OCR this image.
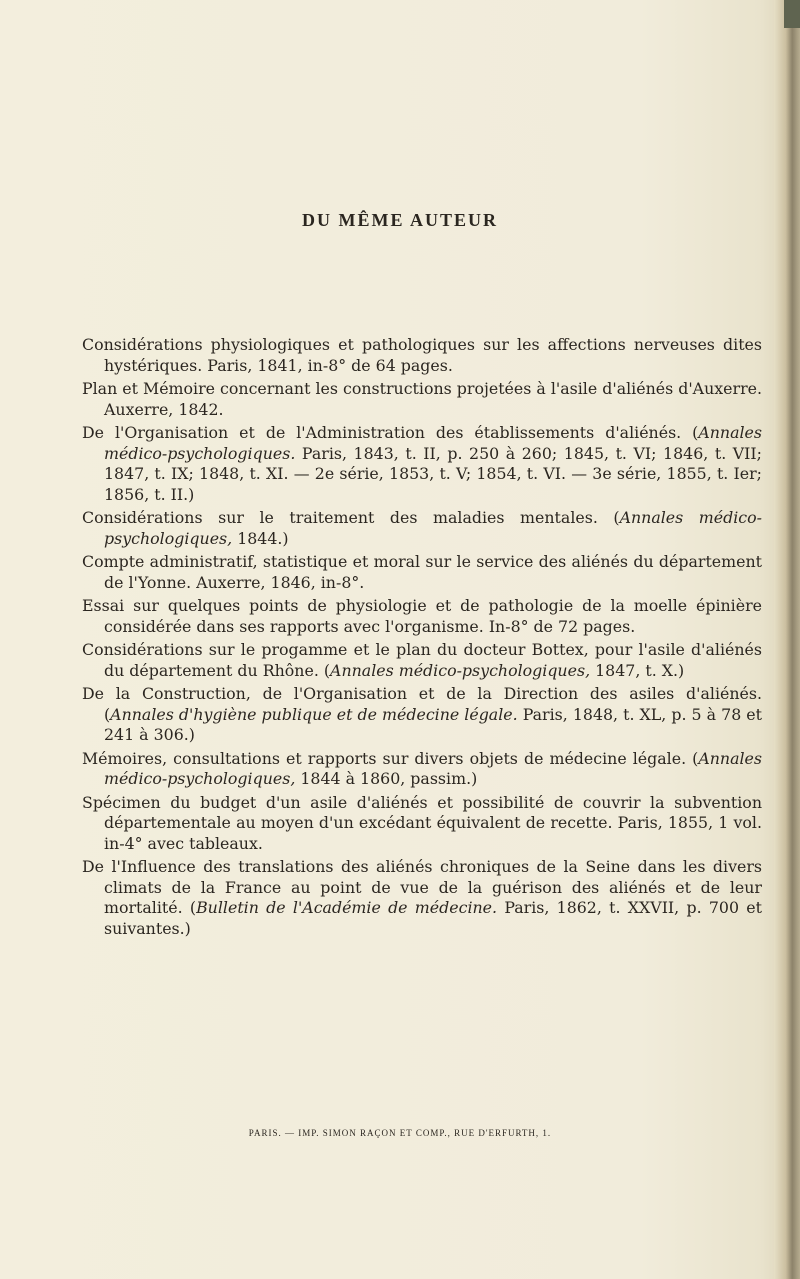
DU MÊME AUTEUR

Considérations physiologiques et pathologiques sur les affections nerveuses dites hystériques. Paris, 1841, in-8° de 64 pages.

Plan et Mémoire concernant les constructions projetées à l'asile d'aliénés d'Auxerre. Auxerre, 1842.

De l'Organisation et de l'Administration des établissements d'aliénés. (Annales médico-psychologiques. Paris, 1843, t. II, p. 250 à 260; 1845, t. VI; 1846, t. VII; 1847, t. IX; 1848, t. XI. — 2e série, 1853, t. V; 1854, t. VI. — 3e série, 1855, t. Ier; 1856, t. II.)

Considérations sur le traitement des maladies mentales. (Annales médico-psychologiques, 1844.)

Compte administratif, statistique et moral sur le service des aliénés du département de l'Yonne. Auxerre, 1846, in-8°.

Essai sur quelques points de physiologie et de pathologie de la moelle épinière considérée dans ses rapports avec l'organisme. In-8° de 72 pages.

Considérations sur le progamme et le plan du docteur Bottex, pour l'asile d'aliénés du département du Rhône. (Annales médico-psychologiques, 1847, t. X.)

De la Construction, de l'Organisation et de la Direction des asiles d'aliénés. (Annales d'hygiène publique et de médecine légale. Paris, 1848, t. XL, p. 5 à 78 et 241 à 306.)

Mémoires, consultations et rapports sur divers objets de médecine légale. (Annales médico-psychologiques, 1844 à 1860, passim.)

Spécimen du budget d'un asile d'aliénés et possibilité de couvrir la subvention départementale au moyen d'un excédant équivalent de recette. Paris, 1855, 1 vol. in-4° avec tableaux.

De l'Influence des translations des aliénés chroniques de la Seine dans les divers climats de la France au point de vue de la guérison des aliénés et de leur mortalité. (Bulletin de l'Académie de médecine. Paris, 1862, t. XXVII, p. 700 et suivantes.)

PARIS. — IMP. SIMON RAÇON ET COMP., RUE D'ERFURTH, 1.
